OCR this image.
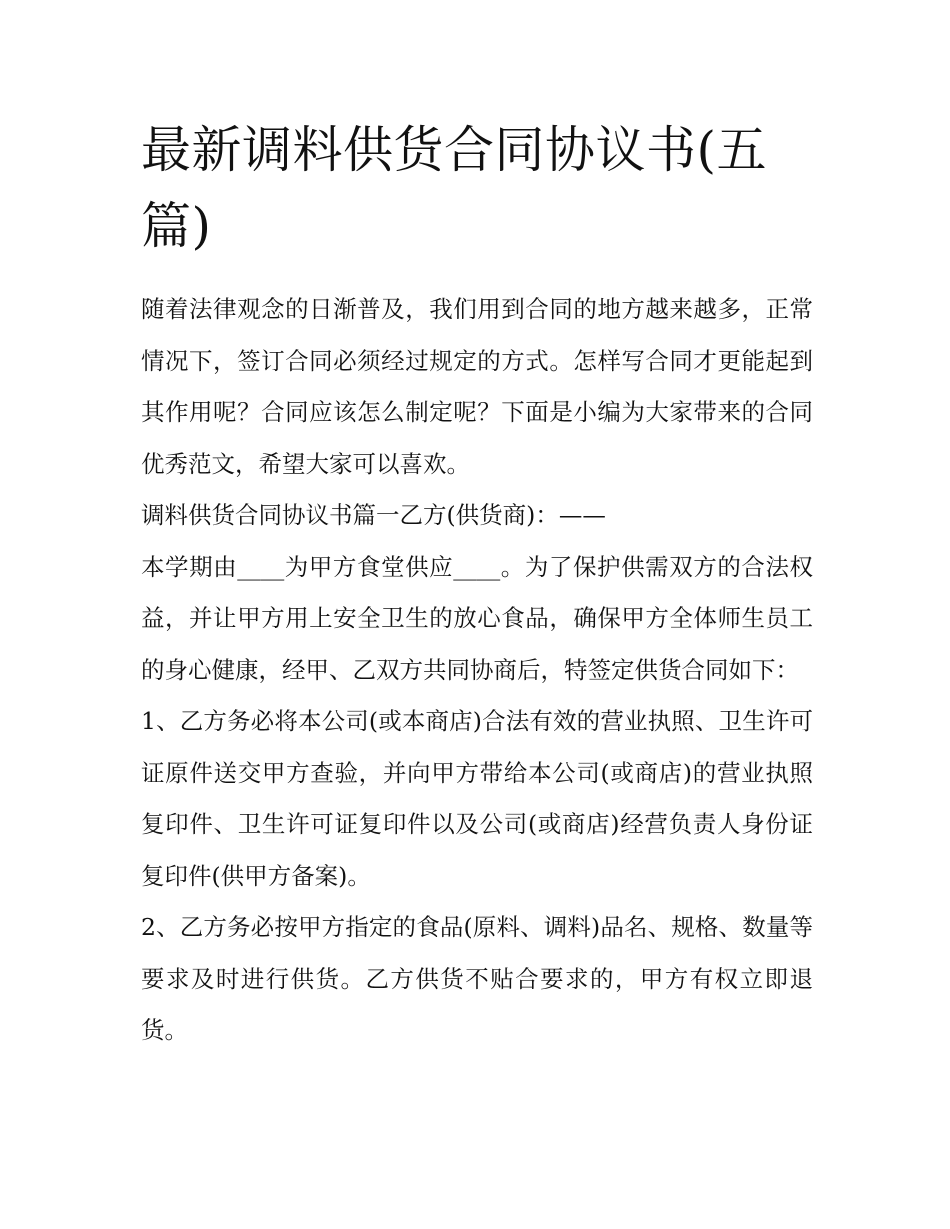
最新调料供货合同协议书(五篇)

随着法律观念的日渐普及，我们用到合同的地方越来越多，正常情况下，签订合同必须经过规定的方式。怎样写合同才更能起到其作用呢？合同应该怎么制定呢？下面是小编为大家带来的合同优秀范文，希望大家可以喜欢。

调料供货合同协议书篇一乙方(供货商)：——

本学期由____为甲方食堂供应____。为了保护供需双方的合法权益，并让甲方用上安全卫生的放心食品，确保甲方全体师生员工的身心健康，经甲、乙双方共同协商后，特签定供货合同如下：

1、乙方务必将本公司(或本商店)合法有效的营业执照、卫生许可证原件送交甲方查验，并向甲方带给本公司(或商店)的营业执照复印件、卫生许可证复印件以及公司(或商店)经营负责人身份证复印件(供甲方备案)。

2、乙方务必按甲方指定的食品(原料、调料)品名、规格、数量等要求及时进行供货。乙方供货不贴合要求的，甲方有权立即退货。
